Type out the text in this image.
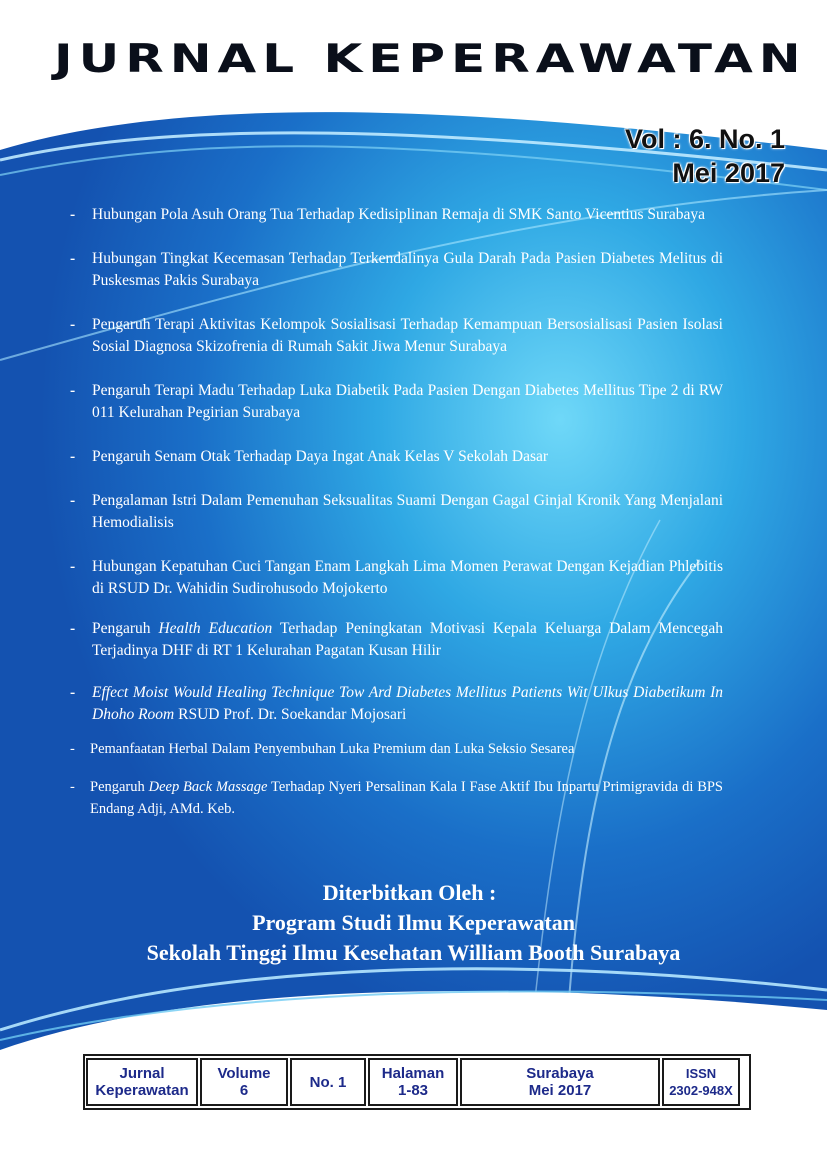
JURNAL KEPERAWATAN
Vol : 6. No. 1
Mei 2017
- Hubungan Pola Asuh Orang Tua Terhadap Kedisiplinan Remaja di SMK Santo Vicentius Surabaya
- Hubungan Tingkat Kecemasan Terhadap Terkendalinya Gula Darah Pada Pasien Diabetes Melitus di Puskesmas Pakis Surabaya
- Pengaruh Terapi Aktivitas Kelompok Sosialisasi Terhadap Kemampuan Bersosialisasi Pasien Isolasi Sosial Diagnosa Skizofrenia di Rumah Sakit Jiwa Menur Surabaya
- Pengaruh Terapi Madu Terhadap Luka Diabetik Pada Pasien Dengan Diabetes Mellitus Tipe 2 di RW 011 Kelurahan Pegirian Surabaya
- Pengaruh Senam Otak Terhadap Daya Ingat Anak Kelas V Sekolah Dasar
- Pengalaman Istri Dalam Pemenuhan Seksualitas Suami Dengan Gagal Ginjal Kronik Yang Menjalani Hemodialisis
- Hubungan Kepatuhan Cuci Tangan Enam Langkah Lima Momen Perawat Dengan Kejadian Phlebitis di RSUD Dr. Wahidin Sudirohusodo Mojokerto
- Pengaruh Health Education Terhadap Peningkatan Motivasi Kepala Keluarga Dalam Mencegah Terjadinya DHF di RT 1 Kelurahan Pagatan Kusan Hilir
- Effect Moist Would Healing Technique Tow Ard Diabetes Mellitus Patients Wit Ulkus Diabetikum In Dhoho Room RSUD Prof. Dr. Soekandar Mojosari
- Pemanfaatan Herbal Dalam Penyembuhan Luka Premium dan Luka Seksio Sesarea
- Pengaruh Deep Back Massage Terhadap Nyeri Persalinan Kala I Fase Aktif Ibu Inpartu Primigravida di BPS Endang Adji, AMd. Keb.
Diterbitkan Oleh :
Program Studi Ilmu Keperawatan
Sekolah Tinggi Ilmu Kesehatan William Booth Surabaya
Jurnal
Keperawatan
Volume
6	No. 1 Halaman
1-83
Surabaya
Mei 2017
ISSN
2302-948X
